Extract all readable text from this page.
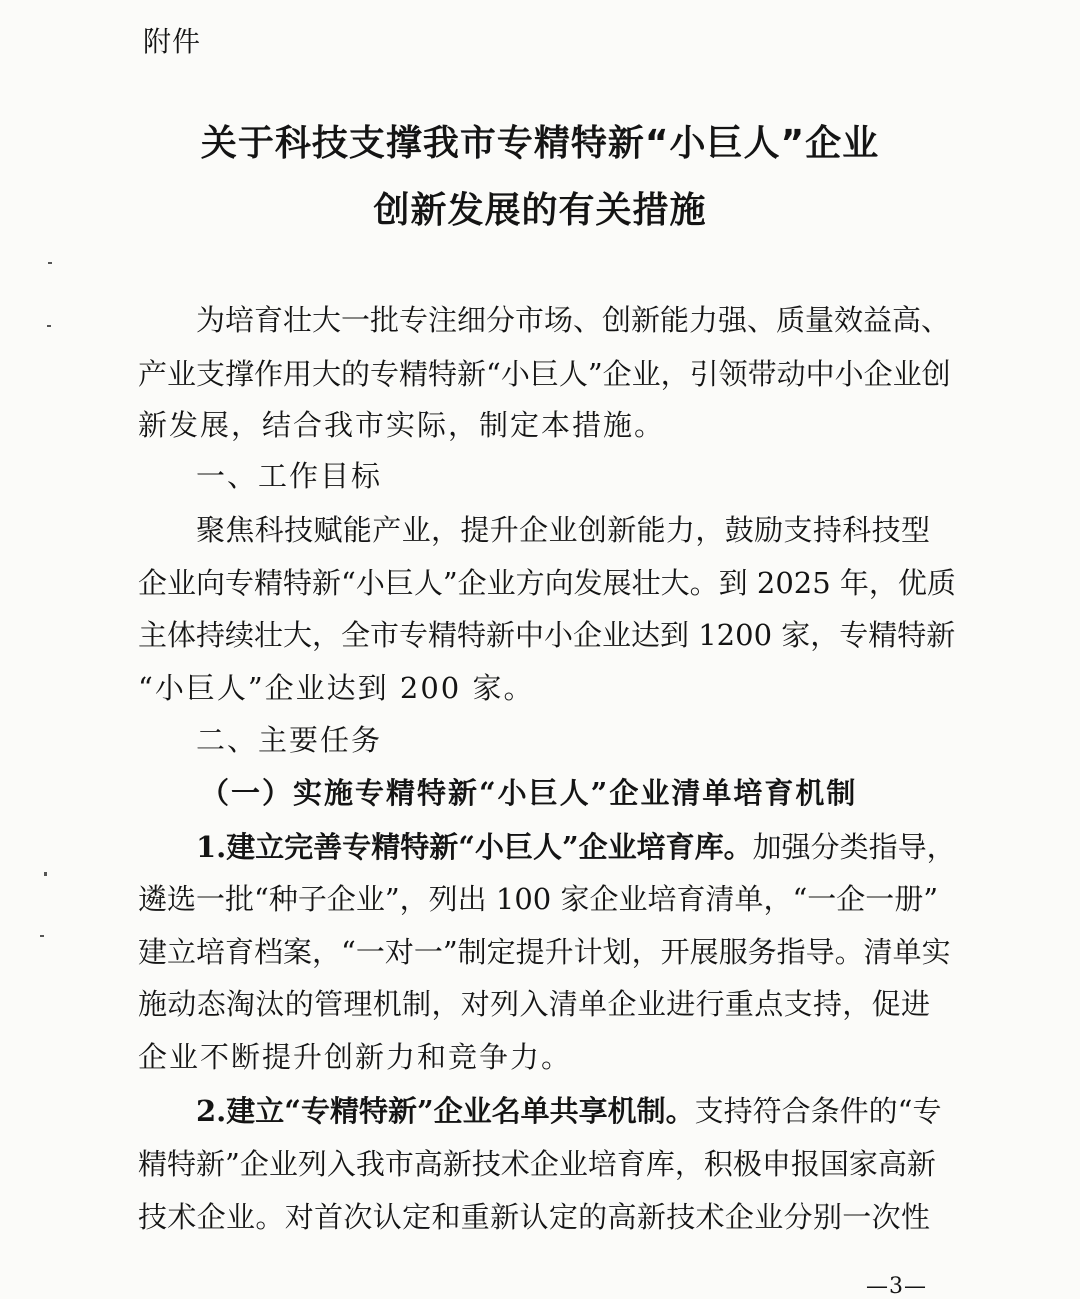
附件
关于科技支撑我市专精特新“小巨人”企业
创新发展的有关措施
为培育壮大一批专注细分市场、创新能力强、质量效益高、
产业支撑作用大的专精特新“小巨人”企业，引领带动中小企业创
新发展，结合我市实际，制定本措施。
一、工作目标
聚焦科技赋能产业，提升企业创新能力，鼓励支持科技型
企业向专精特新“小巨人”企业方向发展壮大。到 2025 年，优质
主体持续壮大，全市专精特新中小企业达到 1200 家，专精特新
“小巨人”企业达到 200 家。
二、主要任务
（一）实施专精特新“小巨人”企业清单培育机制
1.建立完善专精特新“小巨人”企业培育库。加强分类指导，
遴选一批“种子企业”，列出 100 家企业培育清单，“一企一册”
建立培育档案，“一对一”制定提升计划，开展服务指导。清单实
施动态淘汰的管理机制，对列入清单企业进行重点支持，促进
企业不断提升创新力和竞争力。
2.建立“专精特新”企业名单共享机制。支持符合条件的“专
精特新”企业列入我市高新技术企业培育库，积极申报国家高新
技术企业。对首次认定和重新认定的高新技术企业分别一次性
—3—
